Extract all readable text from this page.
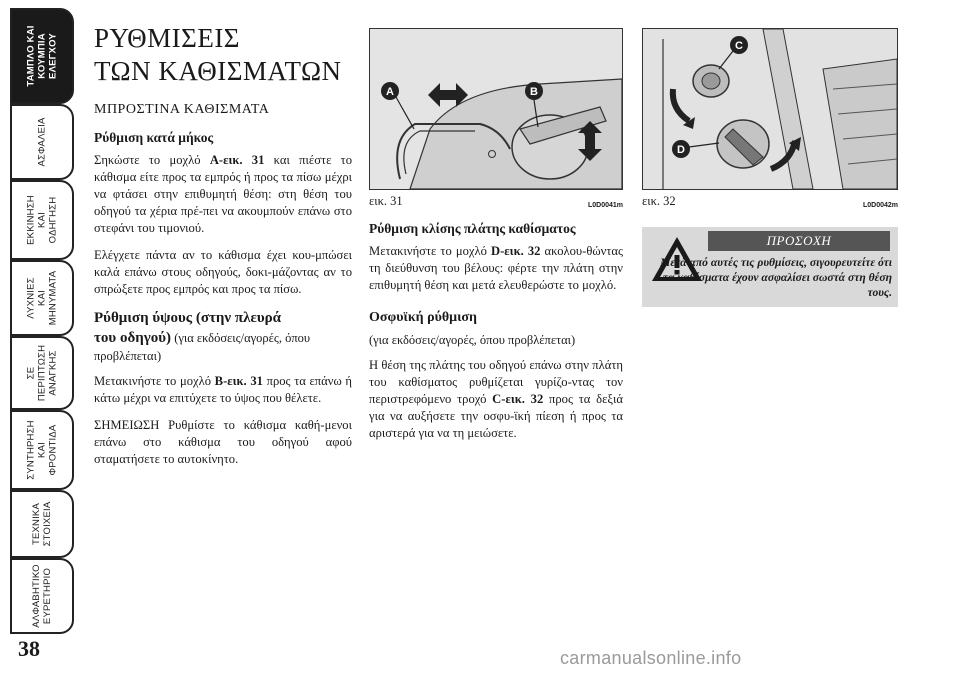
ΤΑΜΠΛΟ ΚΑΙ
ΚΟΥΜΠΙΑ
ΕΛΕΓΧΟΥ
ΑΣΦΑΛΕΙΑ
ΕΚΚΙΝΗΣΗ
ΚΑΙ
ΟΔΗΓΗΣΗ
ΛΥΧΝΙΕΣ
ΚΑΙ
ΜΗΝΥΜΑΤΑ
ΣΕ
ΠΕΡΙΠΤΩΣΗ
ΑΝΑΓΚΗΣ
ΣΥΝΤΗΡΗΣΗ
ΚΑΙ
ΦΡΟΝΤΙΔΑ
ΤΕΧΝΙΚΑ
ΣΤΟΙΧΕΙΑ
ΑΛΦΑΒΗΤΙΚΟ
ΕΥΡΕΤΗΡΙΟ
38
ΡΥΘΜΙΣΕΙΣ
ΤΩΝ ΚΑΘΙΣΜΑΤΩΝ
ΜΠΡΟΣΤΙΝΑ ΚΑΘΙΣΜΑΤΑ
Ρύθμιση κατά μήκος

Σηκώστε το μοχλό A-εικ. 31 και πιέστε το κάθισμα είτε προς τα εμπρός ή προς τα πίσω μέχρι να φτάσει στην επιθυμητή θέση: στη θέση του οδηγού τα χέρια πρέ-πει να ακουμπούν επάνω στο στεφάνι του τιμονιού.

Ελέγχετε πάντα αν το κάθισμα έχει κου-μπώσει καλά επάνω στους οδηγούς, δοκι-μάζοντας αν το σπρώξετε προς εμπρός και προς τα πίσω.

Ρύθμιση ύψους (στην πλευρά
του οδηγού) (για εκδόσεις/αγορές, όπου
προβλέπεται)

Μετακινήστε το μοχλό B-εικ. 31 προς τα επάνω ή κάτω μέχρι να επιτύχετε το ύψος που θέλετε.

ΣΗΜΕΙΩΣΗ Ρυθμίστε το κάθισμα καθή-μενοι επάνω στο κάθισμα του οδηγού αφού σταματήσετε το αυτοκίνητο.

A	B
εικ. 31	L0D0041m
Ρύθμιση κλίσης πλάτης καθίσματος

Μετακινήστε το μοχλό D-εικ. 32 ακολου-θώντας τη διεύθυνση του βέλους: φέρτε την πλάτη στην επιθυμητή θέση και μετά ελευθερώστε το μοχλό.

Οσφυϊκή ρύθμιση
(για εκδόσεις/αγορές, όπου προβλέπεται)

Η θέση της πλάτης του οδηγού επάνω στην πλάτη του καθίσματος ρυθμίζεται γυρίζο-ντας τον περιστρεφόμενο τροχό C-εικ. 32 προς τα δεξιά για να αυξήσετε την οσφυ-ϊκή πίεση ή προς τα αριστερά για να τη μειώσετε.

C
D
εικ. 32	L0D0042m
ΠΡΟΣΟΧΗ
Μετά από αυτές τις ρυθμίσεις, σιγουρευτείτε ότι τα καθίσματα έχουν ασφαλίσει σωστά στη θέση τους.
carmanualsonline.info
